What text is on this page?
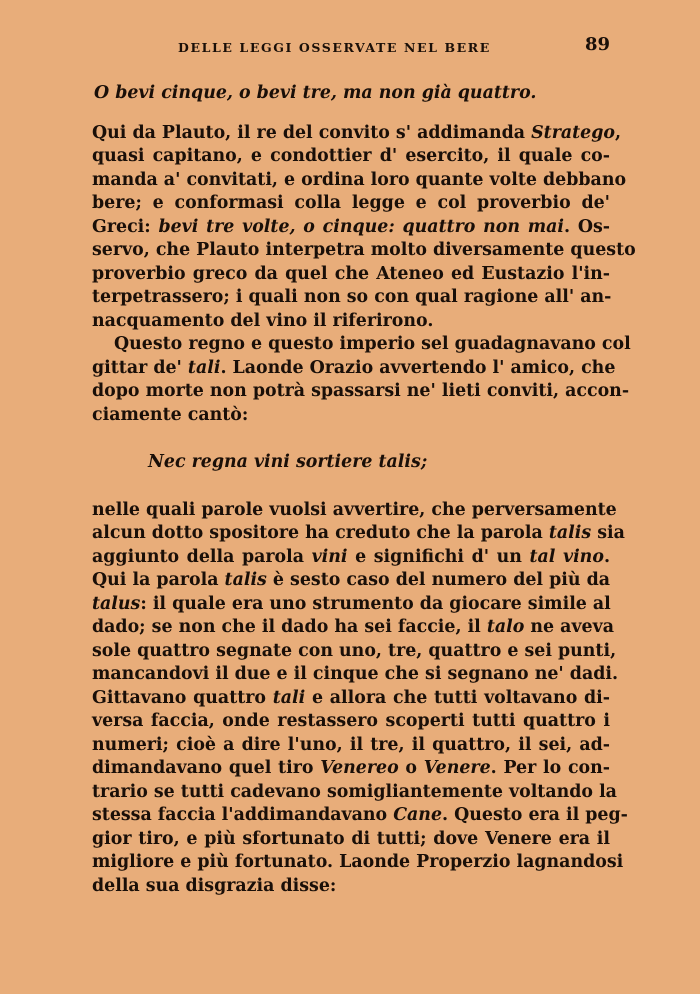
DELLE LEGGI OSSERVATE NEL BERE	89
O bevi cinque, o bevi tre, ma non già quattro.
Qui da Plauto, il re del convito s' addimanda Stratego,
quasi capitano, e condottier d' esercito, il quale co-
manda a' convitati, e ordina loro quante volte debbano
bere; e conformasi colla legge e col proverbio de'
Greci: bevi tre volte, o cinque: quattro non mai. Os-
servo, che Plauto interpetra molto diversamente questo
proverbio greco da quel che Ateneo ed Eustazio l'in-
terpetrassero; i quali non so con qual ragione all' an-
nacquamento del vino il riferirono.
Questo regno e questo imperio sel guadagnavano col
gittar de' tali. Laonde Orazio avvertendo l' amico, che
dopo morte non potrà spassarsi ne' lieti conviti, accon-
ciamente cantò:
Nec regna vini sortiere talis;
nelle quali parole vuolsi avvertire, che perversamente
alcun dotto spositore ha creduto che la parola talis sia
aggiunto della parola vini e significhi d' un tal vino.
Qui la parola talis è sesto caso del numero del più da
talus: il quale era uno strumento da giocare simile al
dado; se non che il dado ha sei faccie, il talo ne aveva
sole quattro segnate con uno, tre, quattro e sei punti,
mancandovi il due e il cinque che si segnano ne' dadi.
Gittavano quattro tali e allora che tutti voltavano di-
versa faccia, onde restassero scoperti tutti quattro i
numeri; cioè a dire l'uno, il tre, il quattro, il sei, ad-
dimandavano quel tiro Venereo o Venere. Per lo con-
trario se tutti cadevano somigliantemente voltando la
stessa faccia l'addimandavano Cane. Questo era il peg-
gior tiro, e più sfortunato di tutti; dove Venere era il
migliore e più fortunato. Laonde Properzio lagnandosi
della sua disgrazia disse:
